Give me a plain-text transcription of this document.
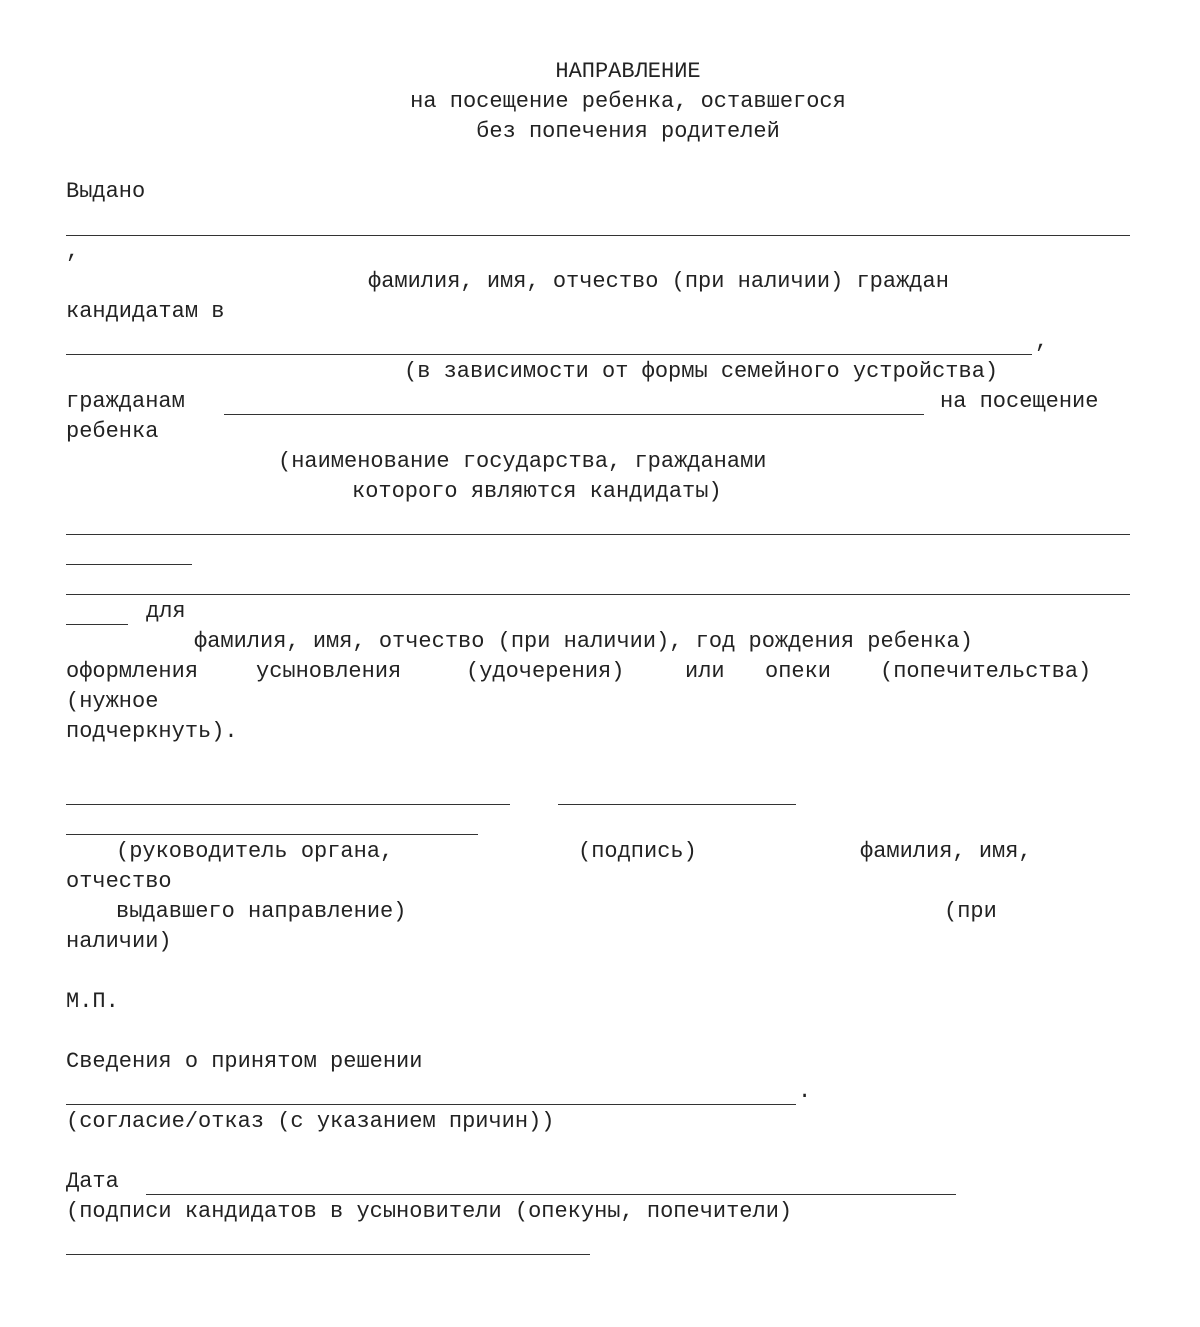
НАПРАВЛЕНИЕ
на посещение ребенка, оставшегося
без попечения родителей
Выдано
,
фамилия, имя, отчество (при наличии) граждан
кандидатам в
,
(в зависимости от формы семейного устройства)
гражданам	на посещение
ребенка
(наименование государства, гражданами
которого являются кандидаты)
для
фамилия, имя, отчество (при наличии), год рождения ребенка)
оформления	усыновления	(удочерения)	или опеки (попечительства)
(нужное
подчеркнуть).
(руководитель органа,	(подпись)	фамилия, имя,
отчество
выдавшего направление)	(при
наличии)
М.П.
Сведения о принятом решении
.
(согласие/отказ (с указанием причин))
Дата
(подписи кандидатов в усыновители (опекуны, попечители)
